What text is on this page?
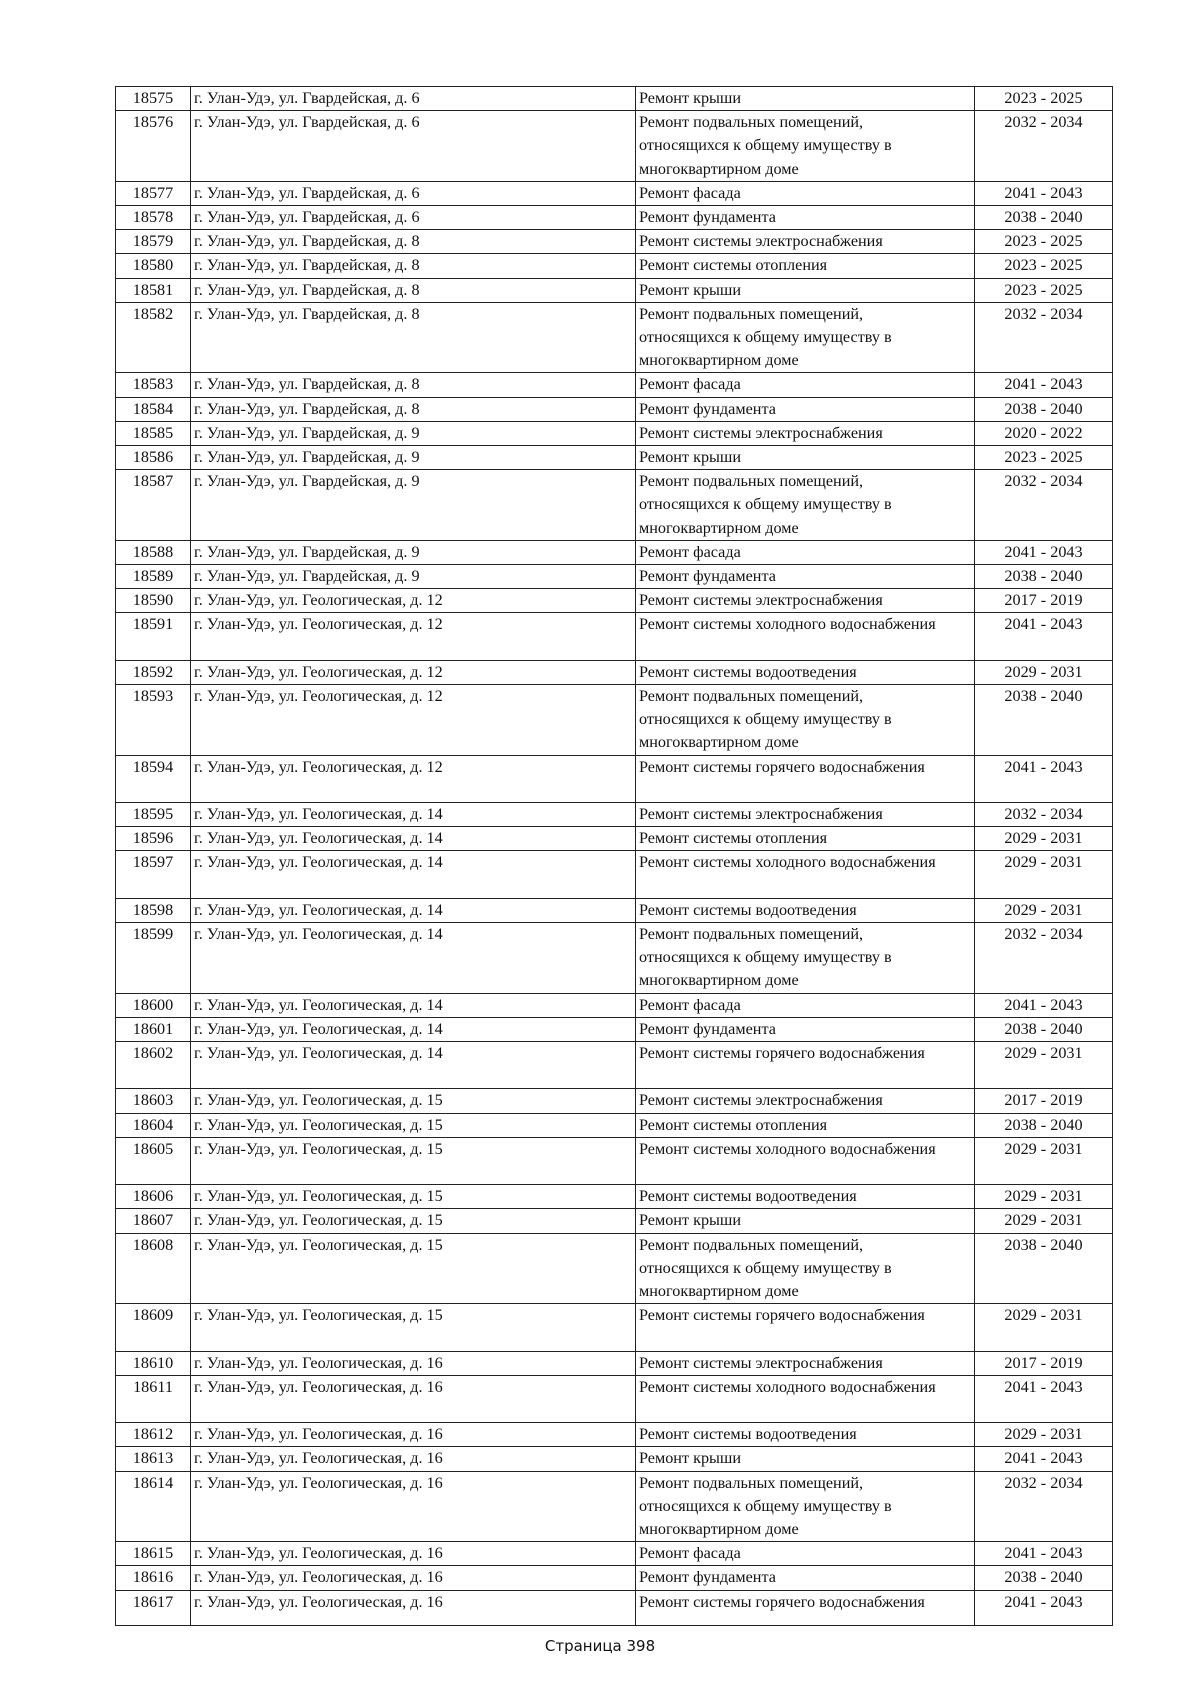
18575	г. Улан-Удэ, ул. Гвардейская, д. 6	Ремонт крыши	2023 - 2025
18576	г. Улан-Удэ, ул. Гвардейская, д. 6	Ремонт подвальных помещений,
относящихся к общему имуществу в
многоквартирном доме	2032 - 2034
18577	г. Улан-Удэ, ул. Гвардейская, д. 6	Ремонт фасада	2041 - 2043
18578	г. Улан-Удэ, ул. Гвардейская, д. 6	Ремонт фундамента	2038 - 2040
18579	г. Улан-Удэ, ул. Гвардейская, д. 8	Ремонт системы электроснабжения	2023 - 2025
18580	г. Улан-Удэ, ул. Гвардейская, д. 8	Ремонт системы отопления	2023 - 2025
18581	г. Улан-Удэ, ул. Гвардейская, д. 8	Ремонт крыши	2023 - 2025
18582	г. Улан-Удэ, ул. Гвардейская, д. 8	Ремонт подвальных помещений,
относящихся к общему имуществу в
многоквартирном доме	2032 - 2034
18583	г. Улан-Удэ, ул. Гвардейская, д. 8	Ремонт фасада	2041 - 2043
18584	г. Улан-Удэ, ул. Гвардейская, д. 8	Ремонт фундамента	2038 - 2040
18585	г. Улан-Удэ, ул. Гвардейская, д. 9	Ремонт системы электроснабжения	2020 - 2022
18586	г. Улан-Удэ, ул. Гвардейская, д. 9	Ремонт крыши	2023 - 2025
18587	г. Улан-Удэ, ул. Гвардейская, д. 9	Ремонт подвальных помещений,
относящихся к общему имуществу в
многоквартирном доме	2032 - 2034
18588	г. Улан-Удэ, ул. Гвардейская, д. 9	Ремонт фасада	2041 - 2043
18589	г. Улан-Удэ, ул. Гвардейская, д. 9	Ремонт фундамента	2038 - 2040
18590	г. Улан-Удэ, ул. Геологическая, д. 12	Ремонт системы электроснабжения	2017 - 2019
18591	г. Улан-Удэ, ул. Геологическая, д. 12	Ремонт системы холодного водоснабжения	2041 - 2043
18592	г. Улан-Удэ, ул. Геологическая, д. 12	Ремонт системы водоотведения	2029 - 2031
18593	г. Улан-Удэ, ул. Геологическая, д. 12	Ремонт подвальных помещений,
относящихся к общему имуществу в
многоквартирном доме	2038 - 2040
18594	г. Улан-Удэ, ул. Геологическая, д. 12	Ремонт системы горячего водоснабжения	2041 - 2043
18595	г. Улан-Удэ, ул. Геологическая, д. 14	Ремонт системы электроснабжения	2032 - 2034
18596	г. Улан-Удэ, ул. Геологическая, д. 14	Ремонт системы отопления	2029 - 2031
18597	г. Улан-Удэ, ул. Геологическая, д. 14	Ремонт системы холодного водоснабжения	2029 - 2031
18598	г. Улан-Удэ, ул. Геологическая, д. 14	Ремонт системы водоотведения	2029 - 2031
18599	г. Улан-Удэ, ул. Геологическая, д. 14	Ремонт подвальных помещений,
относящихся к общему имуществу в
многоквартирном доме	2032 - 2034
18600	г. Улан-Удэ, ул. Геологическая, д. 14	Ремонт фасада	2041 - 2043
18601	г. Улан-Удэ, ул. Геологическая, д. 14	Ремонт фундамента	2038 - 2040
18602	г. Улан-Удэ, ул. Геологическая, д. 14	Ремонт системы горячего водоснабжения	2029 - 2031
18603	г. Улан-Удэ, ул. Геологическая, д. 15	Ремонт системы электроснабжения	2017 - 2019
18604	г. Улан-Удэ, ул. Геологическая, д. 15	Ремонт системы отопления	2038 - 2040
18605	г. Улан-Удэ, ул. Геологическая, д. 15	Ремонт системы холодного водоснабжения	2029 - 2031
18606	г. Улан-Удэ, ул. Геологическая, д. 15	Ремонт системы водоотведения	2029 - 2031
18607	г. Улан-Удэ, ул. Геологическая, д. 15	Ремонт крыши	2029 - 2031
18608	г. Улан-Удэ, ул. Геологическая, д. 15	Ремонт подвальных помещений,
относящихся к общему имуществу в
многоквартирном доме	2038 - 2040
18609	г. Улан-Удэ, ул. Геологическая, д. 15	Ремонт системы горячего водоснабжения	2029 - 2031
18610	г. Улан-Удэ, ул. Геологическая, д. 16	Ремонт системы электроснабжения	2017 - 2019
18611	г. Улан-Удэ, ул. Геологическая, д. 16	Ремонт системы холодного водоснабжения	2041 - 2043
18612	г. Улан-Удэ, ул. Геологическая, д. 16	Ремонт системы водоотведения	2029 - 2031
18613	г. Улан-Удэ, ул. Геологическая, д. 16	Ремонт крыши	2041 - 2043
18614	г. Улан-Удэ, ул. Геологическая, д. 16	Ремонт подвальных помещений,
относящихся к общему имуществу в
многоквартирном доме	2032 - 2034
18615	г. Улан-Удэ, ул. Геологическая, д. 16	Ремонт фасада	2041 - 2043
18616	г. Улан-Удэ, ул. Геологическая, д. 16	Ремонт фундамента	2038 - 2040
18617	г. Улан-Удэ, ул. Геологическая, д. 16	Ремонт системы горячего водоснабжения	2041 - 2043
Страница 398
